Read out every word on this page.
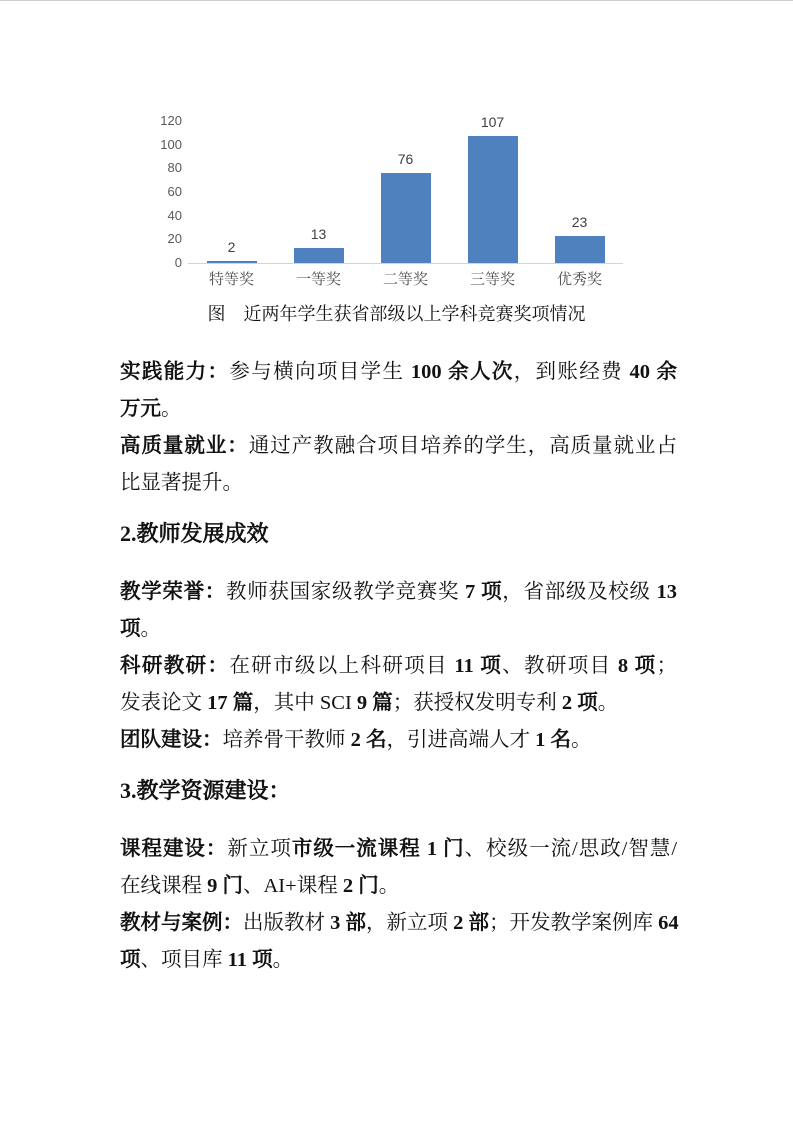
0
20
40
60
80
100
120
2
特等奖
13
一等奖
76
二等奖
107
三等奖
23
优秀奖
图　近两年学生获省部级以上学科竞赛奖项情况
实践能力：参与横向项目学生 100 余人次，到账经费 40 余
万元。
高质量就业：通过产教融合项目培养的学生，高质量就业占
比显著提升。
2.教师发展成效
教学荣誉：教师获国家级教学竞赛奖 7 项，省部级及校级 13
项。
科研教研：在研市级以上科研项目 11 项、教研项目 8 项；
发表论文 17 篇，其中 SCI 9 篇；获授权发明专利 2 项。
团队建设：培养骨干教师 2 名，引进高端人才 1 名。
3.教学资源建设：
课程建设：新立项市级一流课程 1 门、校级一流/思政/智慧/
在线课程 9 门、AI+课程 2 门。
教材与案例：出版教材 3 部，新立项 2 部；开发教学案例库 64
项、项目库 11 项。
